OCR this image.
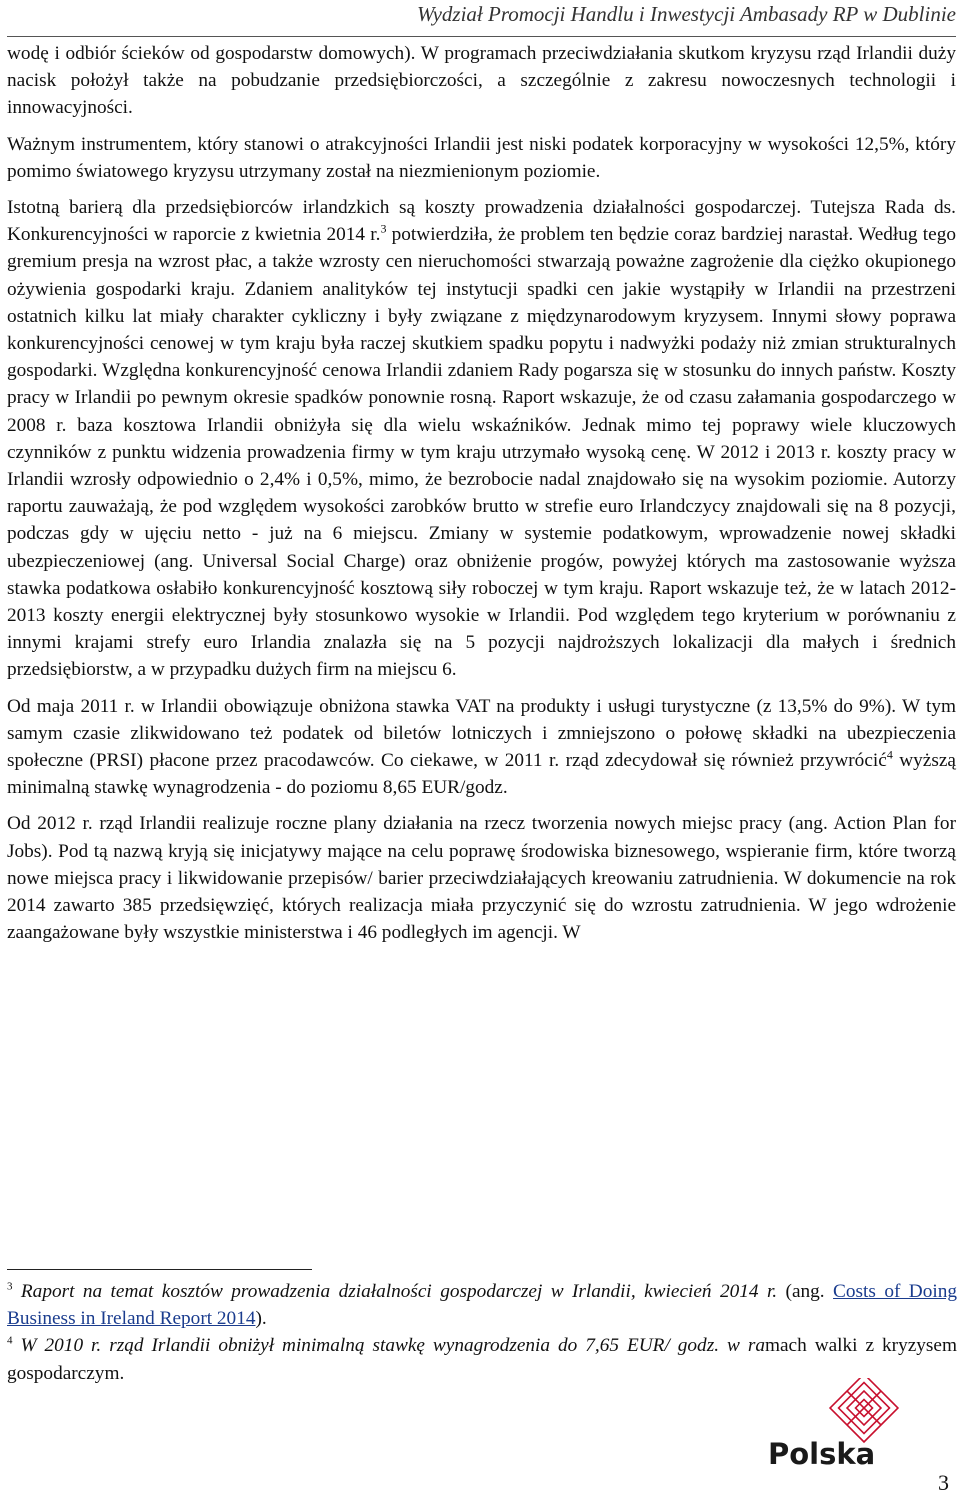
Wydział Promocji Handlu i Inwestycji Ambasady RP w Dublinie

wodę i odbiór ścieków od gospodarstw domowych). W programach przeciwdziałania skutkom kryzysu rząd Irlandii duży nacisk położył także na pobudzanie przedsiębiorczości, a szczególnie z zakresu nowoczesnych technologii i innowacyjności.

Ważnym instrumentem, który stanowi o atrakcyjności Irlandii jest niski podatek korporacyjny w wysokości 12,5%, który pomimo światowego kryzysu utrzymany został na niezmienionym poziomie.

Istotną barierą dla przedsiębiorców irlandzkich są koszty prowadzenia działalności gospodarczej. Tutejsza Rada ds. Konkurencyjności w raporcie z kwietnia 2014 r.$^3$ potwierdziła, że problem ten będzie coraz bardziej narastał. Według tego gremium presja na wzrost płac, a także wzrosty cen nieruchomości stwarzają poważne zagrożenie dla ciężko okupionego ożywienia gospodarki kraju. Zdaniem analityków tej instytucji spadki cen jakie wystąpiły w Irlandii na przestrzeni ostatnich kilku lat miały charakter cykliczny i były związane z międzynarodowym kryzysem. Innymi słowy poprawa konkurencyjności cenowej w tym kraju była raczej skutkiem spadku popytu i nadwyżki podaży niż zmian strukturalnych gospodarki. Względna konkurencyjność cenowa Irlandii zdaniem Rady pogarsza się w stosunku do innych państw. Koszty pracy w Irlandii po pewnym okresie spadków ponownie rosną. Raport wskazuje, że od czasu załamania gospodarczego w 2008 r. baza kosztowa Irlandii obniżyła się dla wielu wskaźników. Jednak mimo tej poprawy wiele kluczowych czynników z punktu widzenia prowadzenia firmy w tym kraju utrzymało wysoką cenę. W 2012 i 2013 r. koszty pracy w Irlandii wzrosły odpowiednio o 2,4% i 0,5%, mimo, że bezrobocie nadal znajdowało się na wysokim poziomie. Autorzy raportu zauważają, że pod względem wysokości zarobków brutto w strefie euro Irlandczycy znajdowali się na 8 pozycji, podczas gdy w ujęciu netto - już na 6 miejscu. Zmiany w systemie podatkowym, wprowadzenie nowej składki ubezpieczeniowej (ang. Universal Social Charge) oraz obniżenie progów, powyżej których ma zastosowanie wyższa stawka podatkowa osłabiło konkurencyjność kosztową siły roboczej w tym kraju. Raport wskazuje też, że w latach 2012-2013 koszty energii elektrycznej były stosunkowo wysokie w Irlandii. Pod względem tego kryterium w porównaniu z innymi krajami strefy euro Irlandia znalazła się na 5 pozycji najdroższych lokalizacji dla małych i średnich przedsiębiorstw, a w przypadku dużych firm na miejscu 6.

Od maja 2011 r. w Irlandii obowiązuje obniżona stawka VAT na produkty i usługi turystyczne (z 13,5% do 9%). W tym samym czasie zlikwidowano też podatek od biletów lotniczych i zmniejszono o połowę składki na ubezpieczenia społeczne (PRSI) płacone przez pracodawców. Co ciekawe, w 2011 r. rząd zdecydował się również przywrócić$^4$ wyższą minimalną stawkę wynagrodzenia - do poziomu 8,65 EUR/godz.

Od 2012 r. rząd Irlandii realizuje roczne plany działania na rzecz tworzenia nowych miejsc pracy (ang. Action Plan for Jobs). Pod tą nazwą kryją się inicjatywy mające na celu poprawę środowiska biznesowego, wspieranie firm, które tworzą nowe miejsca pracy i likwidowanie przepisów/ barier przeciwdziałających kreowaniu zatrudnienia. W dokumencie na rok 2014 zawarto 385 przedsięwzięć, których realizacja miała przyczynić się do wzrostu zatrudnienia. W jego wdrożenie zaangażowane były wszystkie ministerstwa i 46 podległych im agencji. W

$^3$ Raport na temat kosztów prowadzenia działalności gospodarczej w Irlandii, kwiecień 2014 r. (ang. Costs of Doing Business in Ireland Report 2014).

$^4$ W 2010 r. rząd Irlandii obniżył minimalną stawkę wynagrodzenia do 7,65 EUR/ godz. w ramach walki z kryzysem gospodarczym.

Polska
3
